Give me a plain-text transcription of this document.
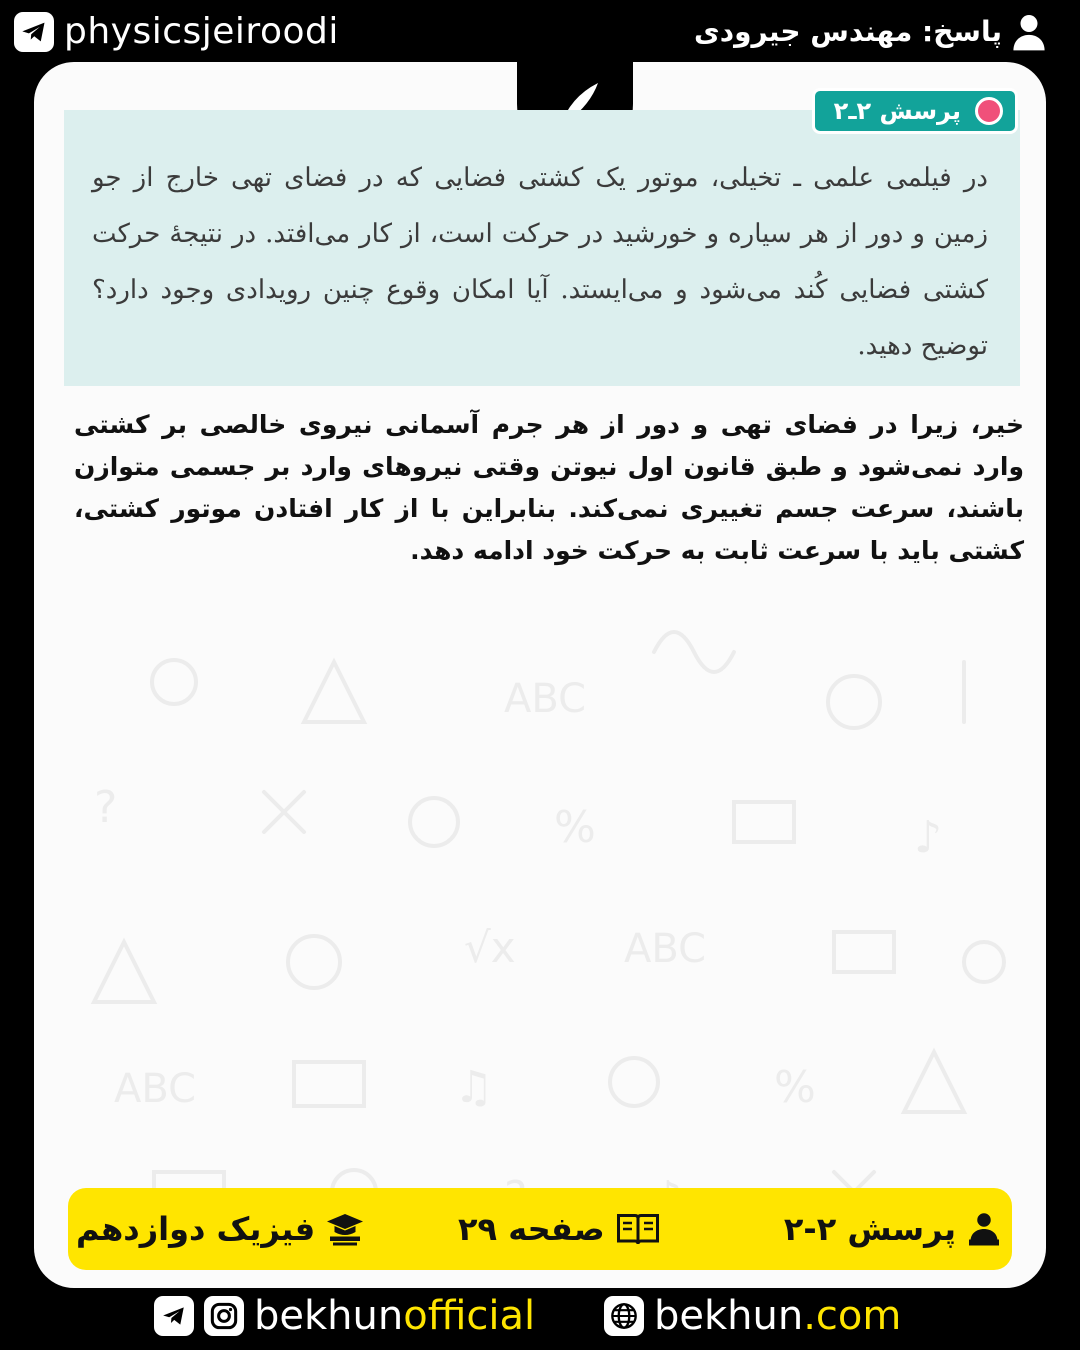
physicsjeiroodi	پاسخ: مهندس جیرودی
ABC
?	%	♪
√x	ABC
ABC	♫	%
پرسش ۲ـ۲
در فیلمی علمی ـ تخیلی، موتور یک کشتی فضایی که در فضای تهی خارج از جو زمین و دور از هر سیاره و خورشید در حرکت است، از کار می‌افتد. در نتیجهٔ حرکت کشتی فضایی کُند می‌شود و می‌ایستد. آیا امکان وقوع چنین رویدادی وجود دارد؟ توضیح دهید.
خیر، زیرا در فضای تهی و دور از هر جرم آسمانی نیروی خالصی بر کشتی وارد نمی‌شود و طبق قانون اول نیوتن وقتی نیروهای وارد بر جسمی متوازن باشند، سرعت جسم تغییری نمی‌کند. بنابراین با از کار افتادن موتور کشتی، کشتی باید با سرعت ثابت به حرکت خود ادامه دهد.
پرسش ۲-۲
صفحه ۲۹
فیزیک دوازدهم
bekhunofficial	bekhun.com
